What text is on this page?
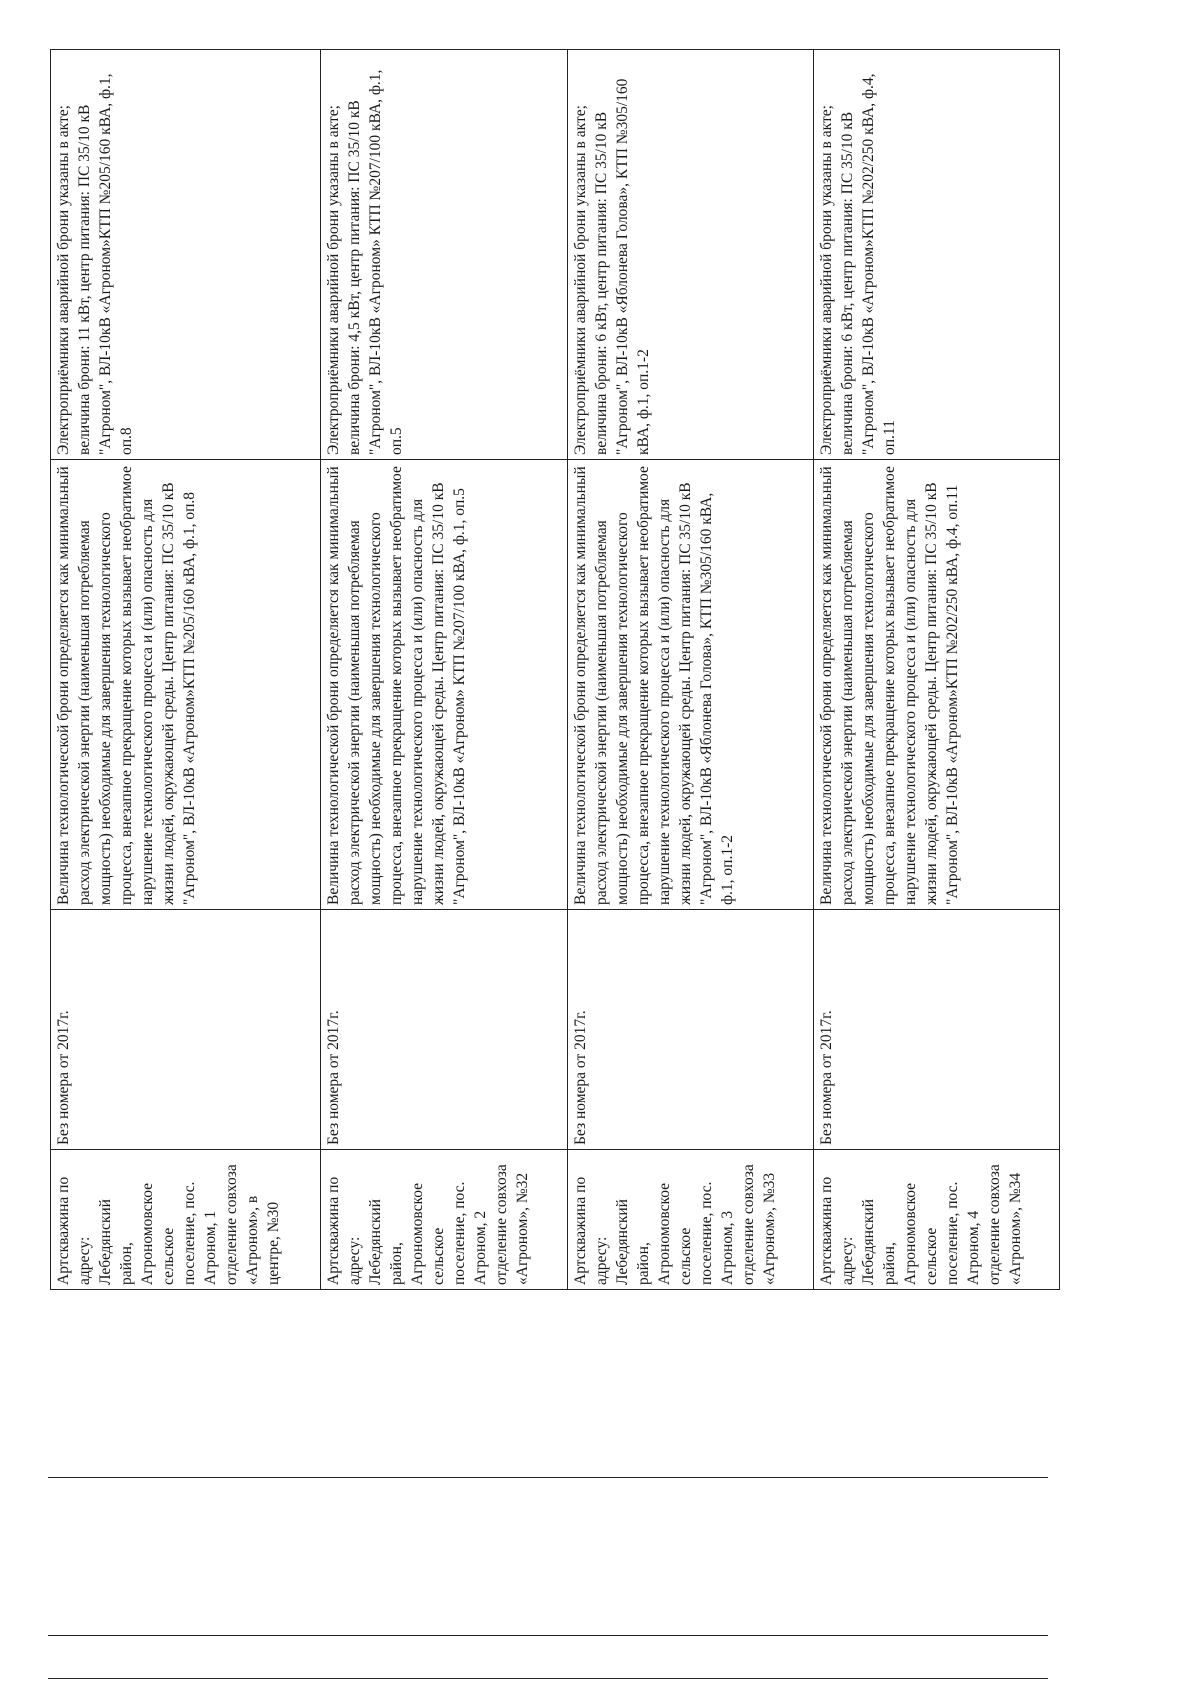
Артскважина по адресу: Лебедянский район, Агрономовское сельское поселение, пос. Агроном, 1 отделение совхоза «Агроном», в центре, №30	Без номера от 2017г.	Величина технологической брони определяется как минимальный расход электрической энергии (наименьшая потребляемая мощность) необходимые для завершения технологического процесса, внезапное прекращение которых вызывает необратимое нарушение технологического процесса и (или) опасность для жизни людей, окружающей среды. Центр питания: ПС 35/10 кВ "Агроном", ВЛ-10кВ «Агроном»КТП №205/160 кВА, ф.1, оп.8	Электроприёмники аварийной брони указаны в акте; величина брони: 11 кВт, центр питания: ПС 35/10 кВ "Агроном", ВЛ-10кВ «Агроном»КТП №205/160 кВА, ф.1, оп.8
Артскважина по адресу: Лебедянский район, Агрономовское сельское поселение, пос. Агроном, 2 отделение совхоза «Агроном», №32	Без номера от 2017г.	Величина технологической брони определяется как минимальный расход электрической энергии (наименьшая потребляемая мощность) необходимые для завершения технологического процесса, внезапное прекращение которых вызывает необратимое нарушение технологического процесса и (или) опасность для жизни людей, окружающей среды. Центр питания: ПС 35/10 кВ "Агроном", ВЛ-10кВ «Агроном» КТП №207/100 кВА, ф.1, оп.5	Электроприёмники аварийной брони указаны в акте; величина брони: 4,5 кВт, центр питания: ПС 35/10 кВ "Агроном", ВЛ-10кВ «Агроном» КТП №207/100 кВА, ф.1, оп.5
Артскважина по адресу: Лебедянский район, Агрономовское сельское поселение, пос. Агроном, 3 отделение совхоза «Агроном», №33	Без номера от 2017г.	Величина технологической брони определяется как минимальный расход электрической энергии (наименьшая потребляемая мощность) необходимые для завершения технологического процесса, внезапное прекращение которых вызывает необратимое нарушение технологического процесса и (или) опасность для жизни людей, окружающей среды. Центр питания: ПС 35/10 кВ "Агроном", ВЛ-10кВ «Яблонева Голова», КТП №305/160 кВА, ф.1, оп.1-2	Электроприёмники аварийной брони указаны в акте; величина брони: 6 кВт, центр питания: ПС 35/10 кВ "Агроном", ВЛ-10кВ «Яблонева Голова», КТП №305/160 кВА, ф.1, оп.1-2
Артскважина по адресу: Лебедянский район, Агрономовское сельское поселение, пос. Агроном, 4 отделение совхоза «Агроном», №34	Без номера от 2017г.	Величина технологической брони определяется как минимальный расход электрической энергии (наименьшая потребляемая мощность) необходимые для завершения технологического процесса, внезапное прекращение которых вызывает необратимое нарушение технологического процесса и (или) опасность для жизни людей, окружающей среды. Центр питания: ПС 35/10 кВ "Агроном", ВЛ-10кВ «Агроном»КТП №202/250 кВА, ф.4, оп.11	Электроприёмники аварийной брони указаны в акте; величина брони: 6 кВт, центр питания: ПС 35/10 кВ "Агроном", ВЛ-10кВ «Агроном»КТП №202/250 кВА, ф.4, оп.11
